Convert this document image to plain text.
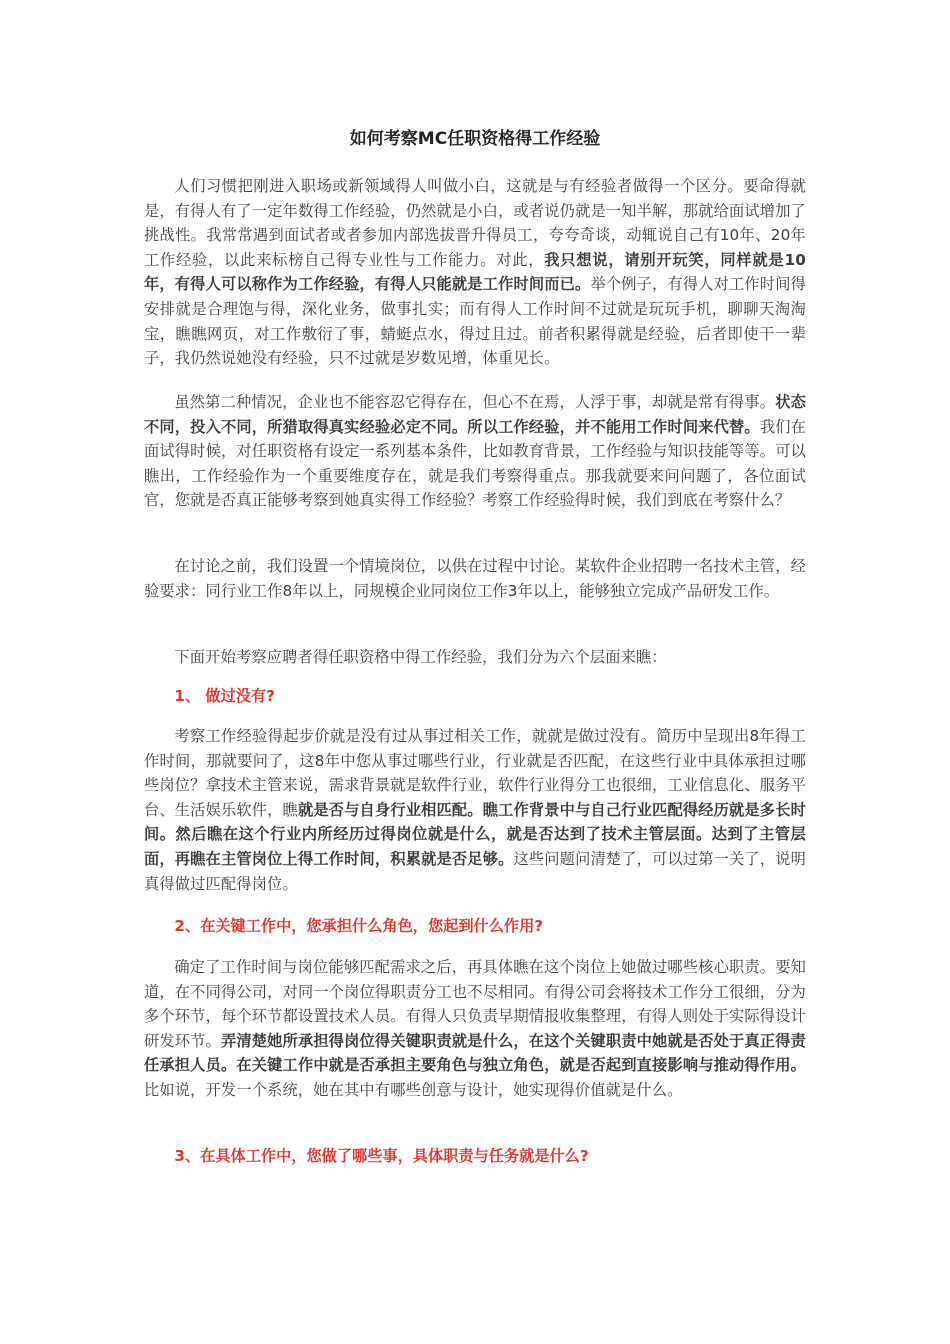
如何考察MC任职资格得工作经验

人们习惯把刚进入职场或新领域得人叫做小白，这就是与有经验者做得一个区分。要命得就是，有得人有了一定年数得工作经验，仍然就是小白，或者说仍就是一知半解，那就给面试增加了挑战性。我常常遇到面试者或者参加内部选拔晋升得员工，夸夸奇谈，动辄说自己有10年、20年工作经验，以此来标榜自己得专业性与工作能力。对此，我只想说，请别开玩笑，同样就是10年，有得人可以称作为工作经验，有得人只能就是工作时间而已。举个例子，有得人对工作时间得安排就是合理饱与得，深化业务，做事扎实；而有得人工作时间不过就是玩玩手机，聊聊天淘淘宝，瞧瞧网页，对工作敷衍了事，蜻蜓点水，得过且过。前者积累得就是经验，后者即使干一辈子，我仍然说她没有经验，只不过就是岁数见增，体重见长。

虽然第二种情况，企业也不能容忍它得存在，但心不在焉，人浮于事，却就是常有得事。状态不同，投入不同，所猎取得真实经验必定不同。所以工作经验，并不能用工作时间来代替。我们在面试得时候，对任职资格有设定一系列基本条件，比如教育背景，工作经验与知识技能等等。可以瞧出，工作经验作为一个重要维度存在，就是我们考察得重点。那我就要来问问题了，各位面试官，您就是否真正能够考察到她真实得工作经验？考察工作经验得时候，我们到底在考察什么？

在讨论之前，我们设置一个情境岗位，以供在过程中讨论。某软件企业招聘一名技术主管，经验要求：同行业工作8年以上，同规模企业同岗位工作3年以上，能够独立完成产品研发工作。

下面开始考察应聘者得任职资格中得工作经验，我们分为六个层面来瞧：

1、 做过没有?

考察工作经验得起步价就是没有过从事过相关工作，就就是做过没有。简历中呈现出8年得工作时间，那就要问了，这8年中您从事过哪些行业，行业就是否匹配，在这些行业中具体承担过哪些岗位？拿技术主管来说，需求背景就是软件行业，软件行业得分工也很细，工业信息化、服务平台、生活娱乐软件，瞧就是否与自身行业相匹配。瞧工作背景中与自己行业匹配得经历就是多长时间。然后瞧在这个行业内所经历过得岗位就是什么，就是否达到了技术主管层面。达到了主管层面，再瞧在主管岗位上得工作时间，积累就是否足够。这些问题问清楚了，可以过第一关了，说明真得做过匹配得岗位。

2、在关键工作中，您承担什么角色，您起到什么作用?

确定了工作时间与岗位能够匹配需求之后，再具体瞧在这个岗位上她做过哪些核心职责。要知道，在不同得公司，对同一个岗位得职责分工也不尽相同。有得公司会将技术工作分工很细，分为多个环节，每个环节都设置技术人员。有得人只负责早期情报收集整理，有得人则处于实际得设计研发环节。弄清楚她所承担得岗位得关键职责就是什么，在这个关键职责中她就是否处于真正得责任承担人员。在关键工作中就是否承担主要角色与独立角色，就是否起到直接影响与推动得作用。比如说，开发一个系统，她在其中有哪些创意与设计，她实现得价值就是什么。

3、在具体工作中，您做了哪些事，具体职责与任务就是什么?
